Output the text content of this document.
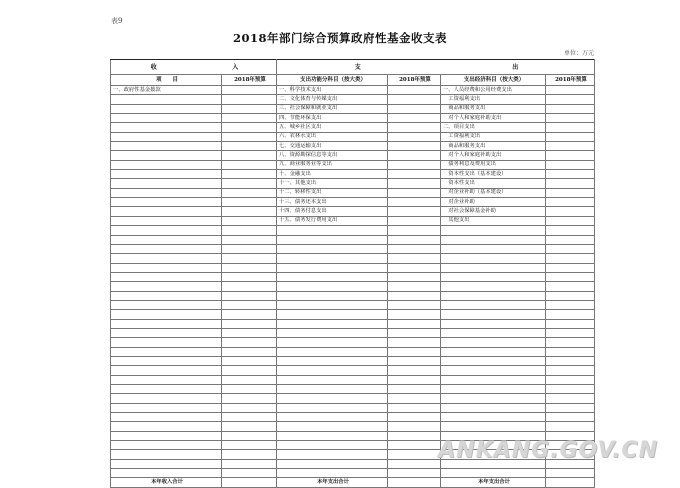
表9
2018年部门综合预算政府性基金收支表
单位：万元
收 入		支 出			

项　　目	2018年预算	支出功能分科目（按大类）	2018年预算	支出经济科目（按大类）	2018年预算
一、政府性基金拨款		一、科学技术支出		一、人员经费和公用经费支出	
		二、文化体育与传媒支出		　工资福利支出	
		三、社会保障和就业支出		　商品和服务支出	
		四、节能环保支出		　对个人和家庭补助支出	
		五、城乡社区支出		二、项目支出	
		六、农林水支出		　工资福利支出	
		七、交通运输支出		　商品和服务支出	
		八、资源勘探信息等支出		　对个人和家庭补助支出	
		九、商业服务业等支出		　债务利息及费用支出	
		十、金融支出		　资本性支出（基本建设）	
		十一、其他支出		　资本性支出	
		十二、转移性支出		　对企业补助（基本建设）	
		十三、债务还本支出		　对企业补助	
		十四、债务付息支出		　对社会保障基金补助	
		十五、债务发行费用支出		　其他支出	

本年收入合计		本年支出合计		本年支出合计	
ANKANG.GOV.CN
